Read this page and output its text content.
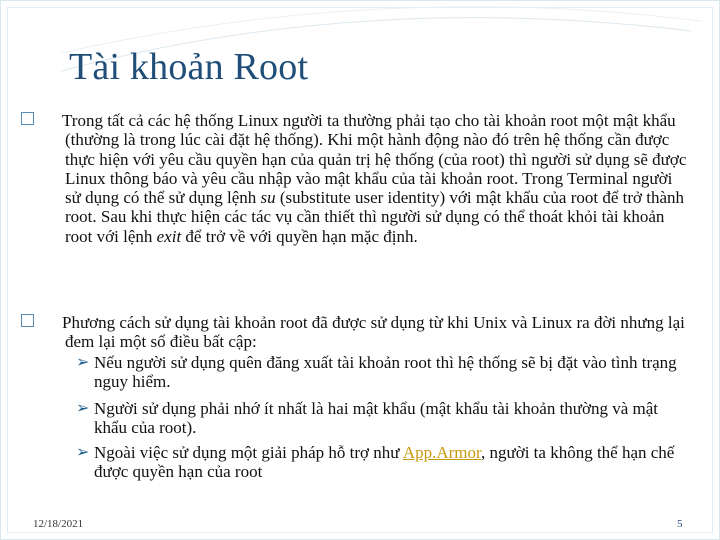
Tài khoản Root
Trong tất cả các hệ thống Linux người ta thường phải tạo cho tài khoản root một mật khẩu (thường là trong lúc cài đặt hệ thống). Khi một hành động nào đó trên hệ thống cần được thực hiện với yêu cầu quyền hạn của quản trị hệ thống (của root) thì người sử dụng sẽ được Linux thông báo và yêu cầu nhập vào mật khẩu của tài khoản root. Trong Terminal người sử dụng có thể sử dụng lệnh su (substitute user identity) với mật khẩu của root để trở thành root. Sau khi thực hiện các tác vụ cần thiết thì người sử dụng có thể thoát khỏi tài khoản root với lệnh exit để trở về với quyền hạn mặc định.
Phương cách sử dụng tài khoản root đã được sử dụng từ khi Unix và Linux ra đời nhưng lại đem lại một số điều bất cập:
➢ Nếu người sử dụng quên đăng xuất tài khoản root thì hệ thống sẽ bị đặt vào tình trạng nguy hiểm.
➢ Người sử dụng phải nhớ ít nhất là hai mật khẩu (mật khẩu tài khoản thường và mật khẩu của root).
➢ Ngoài việc sử dụng một giải pháp hỗ trợ như App.Armor, người ta không thể hạn chế được quyền hạn của root
12/18/2021	5
